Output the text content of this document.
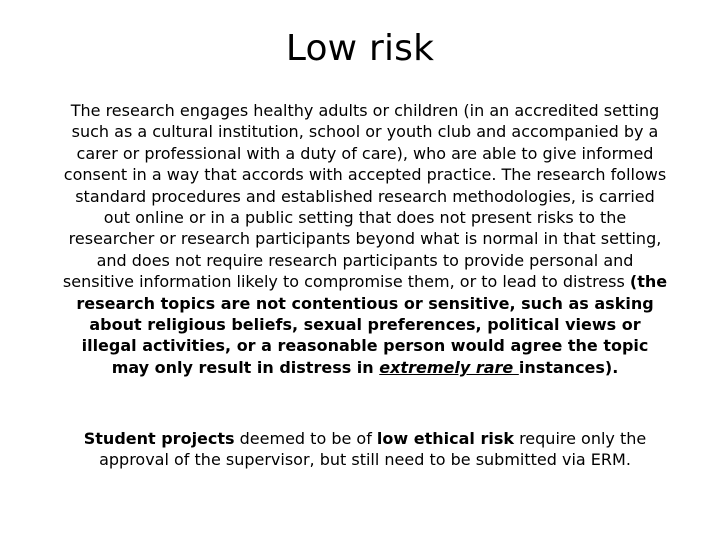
Low risk
The research engages healthy adults or children (in an accredited setting such as a cultural institution, school or youth club and accompanied by a carer or professional with a duty of care), who are able to give informed consent in a way that accords with accepted practice. The research follows standard procedures and established research methodologies, is carried out online or in a public setting that does not present risks to the researcher or research participants beyond what is normal in that setting, and does not require research participants to provide personal and sensitive information likely to compromise them, or to lead to distress (the research topics are not contentious or sensitive, such as asking about religious beliefs, sexual preferences, political views or illegal activities, or a reasonable person would agree the topic may only result in distress in extremely rare instances).
Student projects deemed to be of low ethical risk require only the approval of the supervisor, but still need to be submitted via ERM.
